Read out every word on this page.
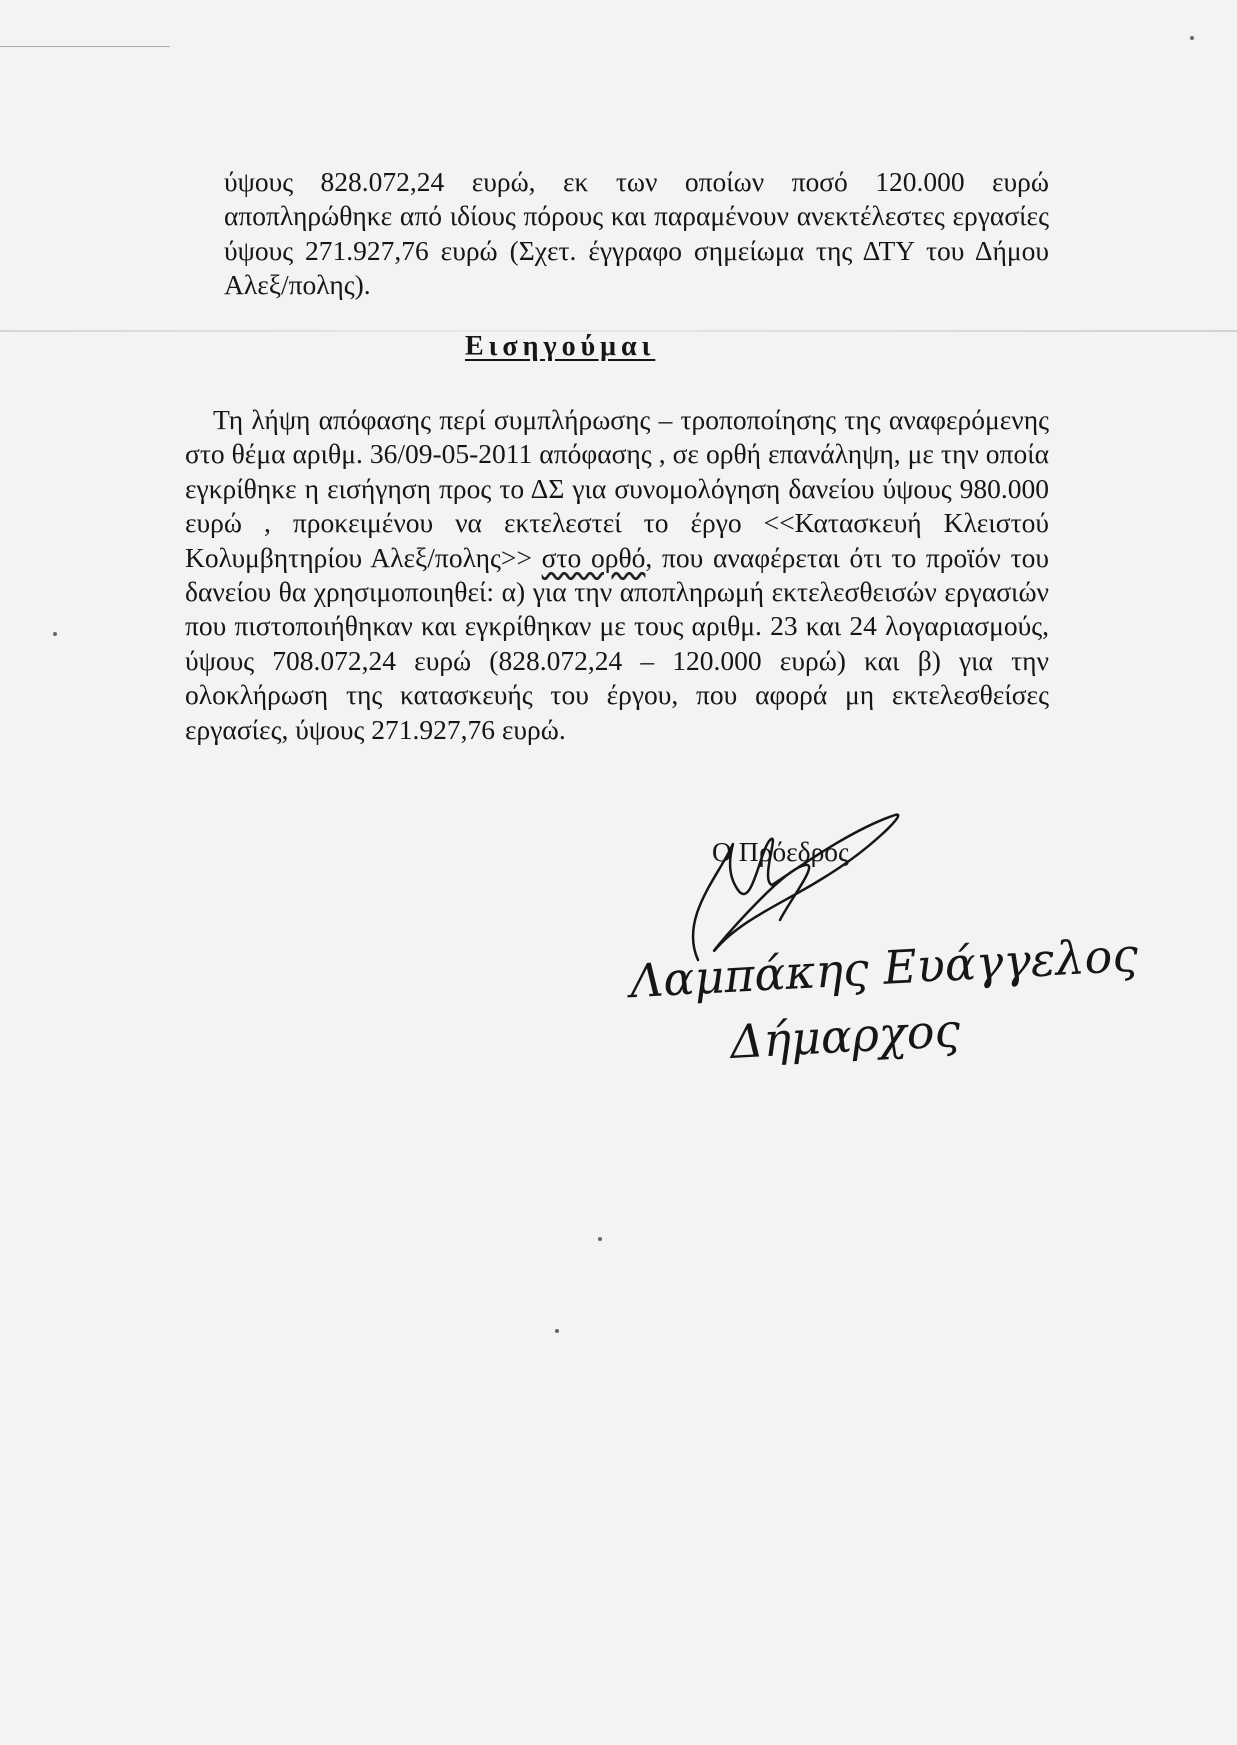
ύψους 828.072,24 ευρώ, εκ των οποίων ποσό 120.000 ευρώ αποπληρώθηκε από ιδίους πόρους και παραμένουν ανεκτέλεστες εργασίες ύψους 271.927,76 ευρώ (Σχετ. έγγραφο σημείωμα της ΔΤΥ του Δήμου Αλεξ/πολης).

Εισηγούμαι

Τη λήψη απόφασης περί συμπλήρωσης – τροποποίησης της αναφερόμενης στο θέμα αριθμ. 36/09-05-2011 απόφασης , σε ορθή επανάληψη, με την οποία εγκρίθηκε η εισήγηση προς το ΔΣ για συνομολόγηση δανείου ύψους 980.000 ευρώ , προκειμένου να εκτελεστεί το έργο <<Κατασκευή Κλειστού Κολυμβητηρίου Αλεξ/πολης>> στο ορθό, που αναφέρεται ότι το προϊόν του δανείου θα χρησιμοποιηθεί: α) για την αποπληρωμή εκτελεσθεισών εργασιών που πιστοποιήθηκαν και εγκρίθηκαν με τους αριθμ. 23 και 24 λογαριασμούς, ύψους 708.072,24 ευρώ (828.072,24 – 120.000 ευρώ) και β) για την ολοκλήρωση της κατασκευής του έργου, που αφορά μη εκτελεσθείσες εργασίες, ύψους 271.927,76 ευρώ.

Ο Πρόεδρος
Λαμπάκης Ευάγγελος
Δήμαρχος
